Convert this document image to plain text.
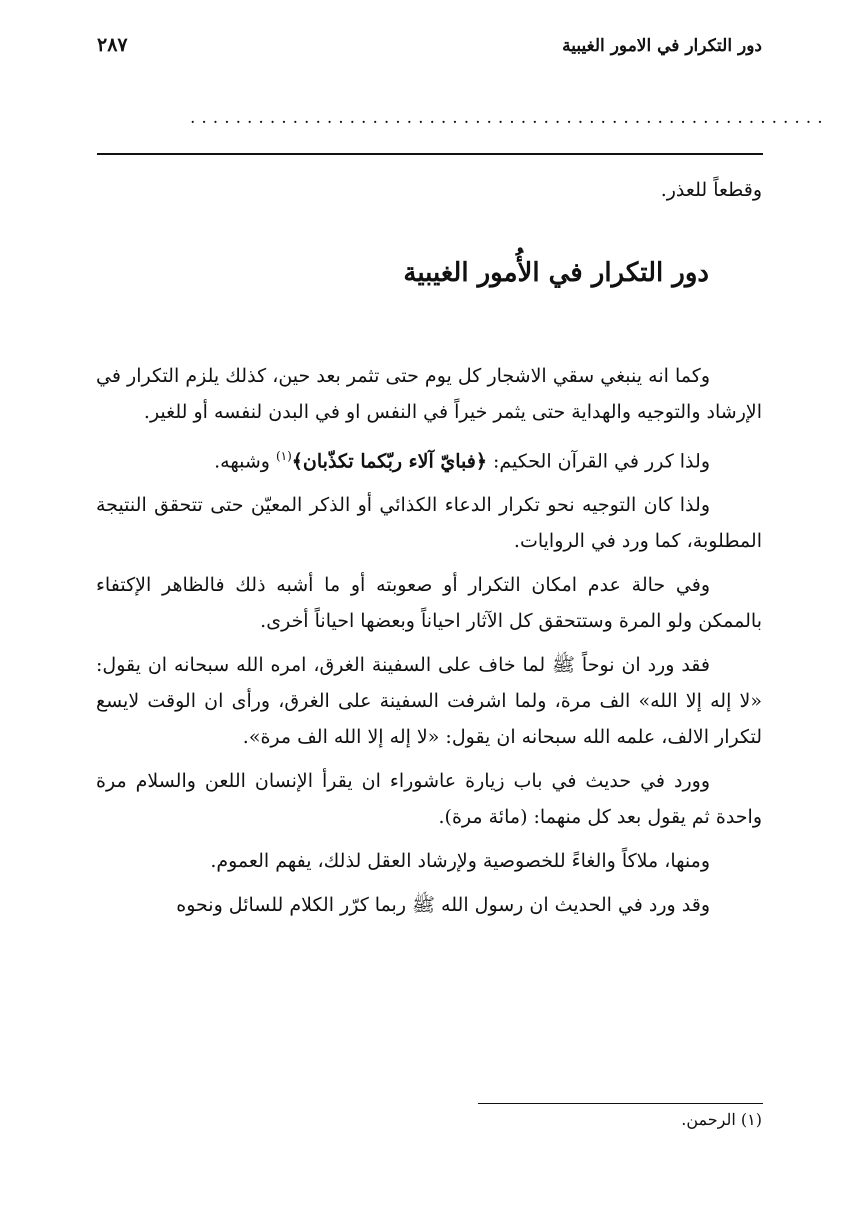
دور التكرار في الامور الغيبية
٢٨٧
........................................................
وقطعاً للعذر.
دور التكرار في الأُمور الغيبية

وكما انه ينبغي سقي الاشجار كل يوم حتى تثمر بعد حين، كذلك يلزم التكرار في الإرشاد والتوجيه والهداية حتى يثمر خيراً في النفس او في البدن لنفسه أو للغير.

ولذا كرر في القرآن الحكيم: ﴿فبايّ آلاء ربّكما تكذّبان﴾$^{(١)}$ وشبهه.

ولذا كان التوجيه نحو تكرار الدعاء الكذائي أو الذكر المعيّن حتى تتحقق النتيجة المطلوبة، كما ورد في الروايات.

وفي حالة عدم امكان التكرار أو صعوبته أو ما أشبه ذلك فالظاهر الإكتفاء بالممكن ولو المرة وستتحقق كل الآثار احياناً وبعضها احياناً أخرى.

فقد ورد ان نوحاً ﷺ لما خاف على السفينة الغرق، امره الله سبحانه ان يقول: «لا إله إلا الله» الف مرة، ولما اشرفت السفينة على الغرق، ورأى ان الوقت لايسع لتكرار الالف، علمه الله سبحانه ان يقول: «لا إله إلا الله الف مرة».

وورد في حديث في باب زيارة عاشوراء ان يقرأ الإنسان اللعن والسلام مرة واحدة ثم يقول بعد كل منهما: (مائة مرة).

ومنها، ملاكاً والغاءً للخصوصية ولإرشاد العقل لذلك، يفهم العموم.

وقد ورد في الحديث ان رسول الله ﷺ ربما كرّر الكلام للسائل ونحوه

(١) الرحمن.
